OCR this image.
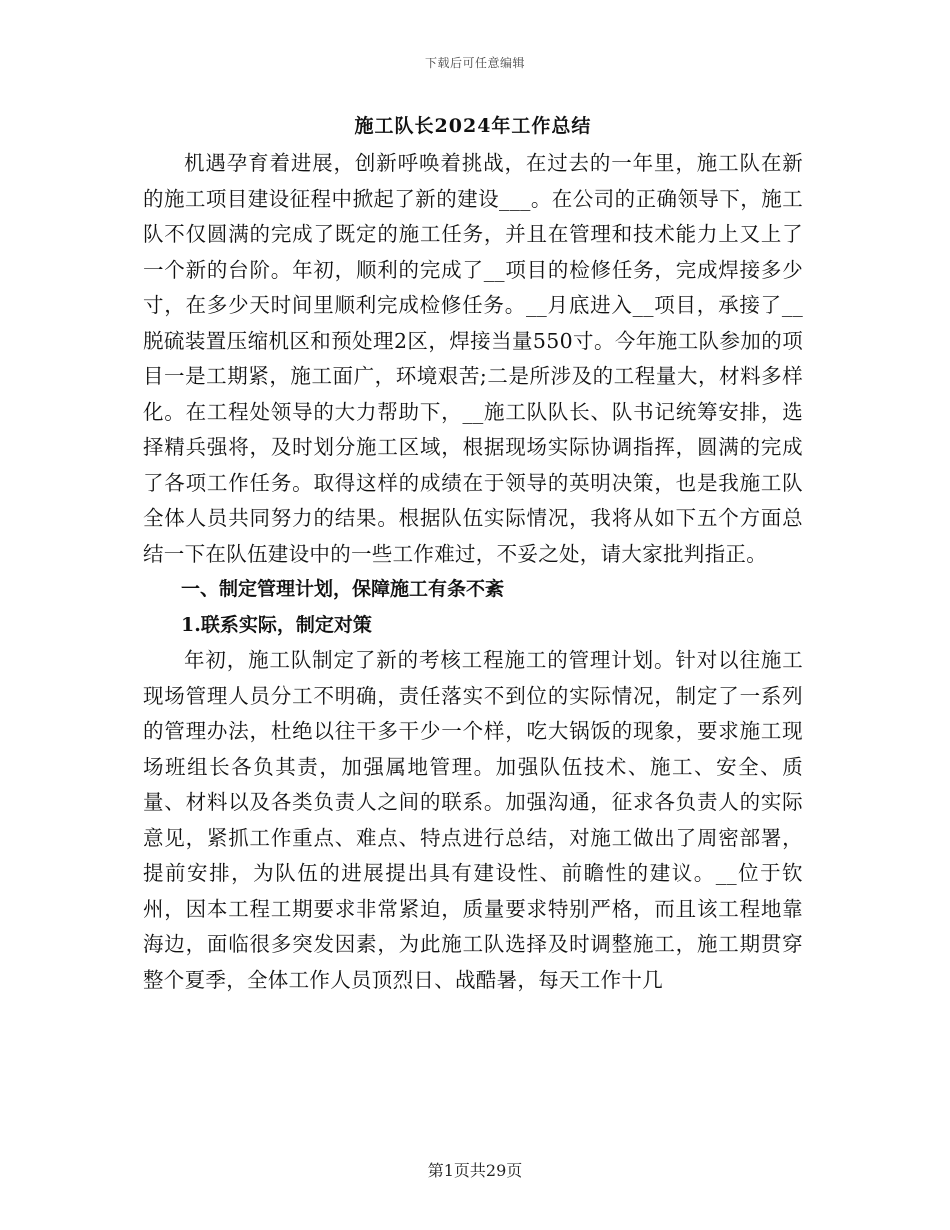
下载后可任意编辑
施工队长2024年工作总结

机遇孕育着进展，创新呼唤着挑战，在过去的一年里，施工队在新的施工项目建设征程中掀起了新的建设___。在公司的正确领导下，施工队不仅圆满的完成了既定的施工任务，并且在管理和技术能力上又上了一个新的台阶。年初，顺利的完成了__项目的检修任务，完成焊接多少寸，在多少天时间里顺利完成检修任务。__月底进入__项目，承接了__脱硫装置压缩机区和预处理2区，焊接当量550寸。今年施工队参加的项目一是工期紧，施工面广，环境艰苦;二是所涉及的工程量大，材料多样化。在工程处领导的大力帮助下，__施工队队长、队书记统筹安排，选择精兵强将，及时划分施工区域，根据现场实际协调指挥，圆满的完成了各项工作任务。取得这样的成绩在于领导的英明决策，也是我施工队全体人员共同努力的结果。根据队伍实际情况，我将从如下五个方面总结一下在队伍建设中的一些工作难过，不妥之处，请大家批判指正。

一、制定管理计划，保障施工有条不紊
1.联系实际，制定对策

年初，施工队制定了新的考核工程施工的管理计划。针对以往施工现场管理人员分工不明确，责任落实不到位的实际情况，制定了一系列的管理办法，杜绝以往干多干少一个样，吃大锅饭的现象，要求施工现场班组长各负其责，加强属地管理。加强队伍技术、施工、安全、质量、材料以及各类负责人之间的联系。加强沟通，征求各负责人的实际意见，紧抓工作重点、难点、特点进行总结，对施工做出了周密部署，提前安排，为队伍的进展提出具有建设性、前瞻性的建议。__位于钦州，因本工程工期要求非常紧迫，质量要求特别严格，而且该工程地靠海边，面临很多突发因素，为此施工队选择及时调整施工，施工期贯穿整个夏季，全体工作人员顶烈日、战酷暑，每天工作十几

第1页共29页
